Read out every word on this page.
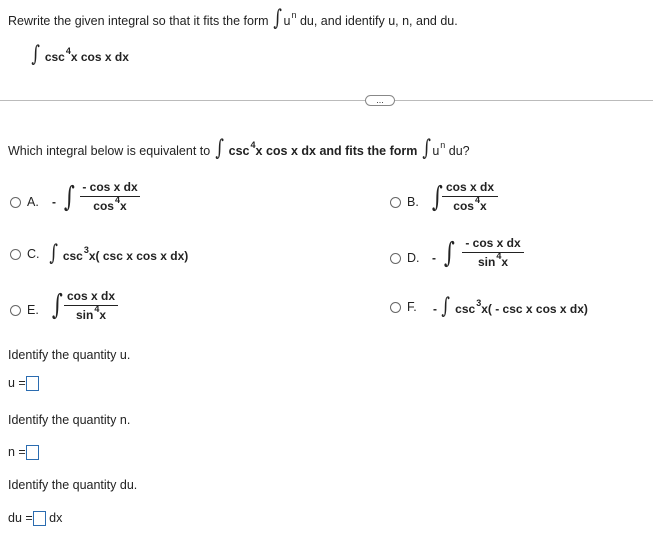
Rewrite the given integral so that it fits the form $\int u^n$ du, and identify u, n, and du.
∫ $\csc^4x$ cos x dx
...
Which integral below is equivalent to ∫ $\csc^4x$ cos x dx and fits the form $\int u^n$ du?
A. - ∫ - cos x dx
$\cos^4x$	B. ∫ cos x dx
$\cos^4x$
C. ∫ $\csc^3x$( csc x cos x dx)	D. - ∫ - cos x dx
$\sin^4x$
E. ∫ cos x dx
$\sin^4x$
F. - ∫ $\csc^3x$( - csc x cos x dx)
Identify the quantity u.
u =
Identify the quantity n.
n =
Identify the quantity du.
du = dx
